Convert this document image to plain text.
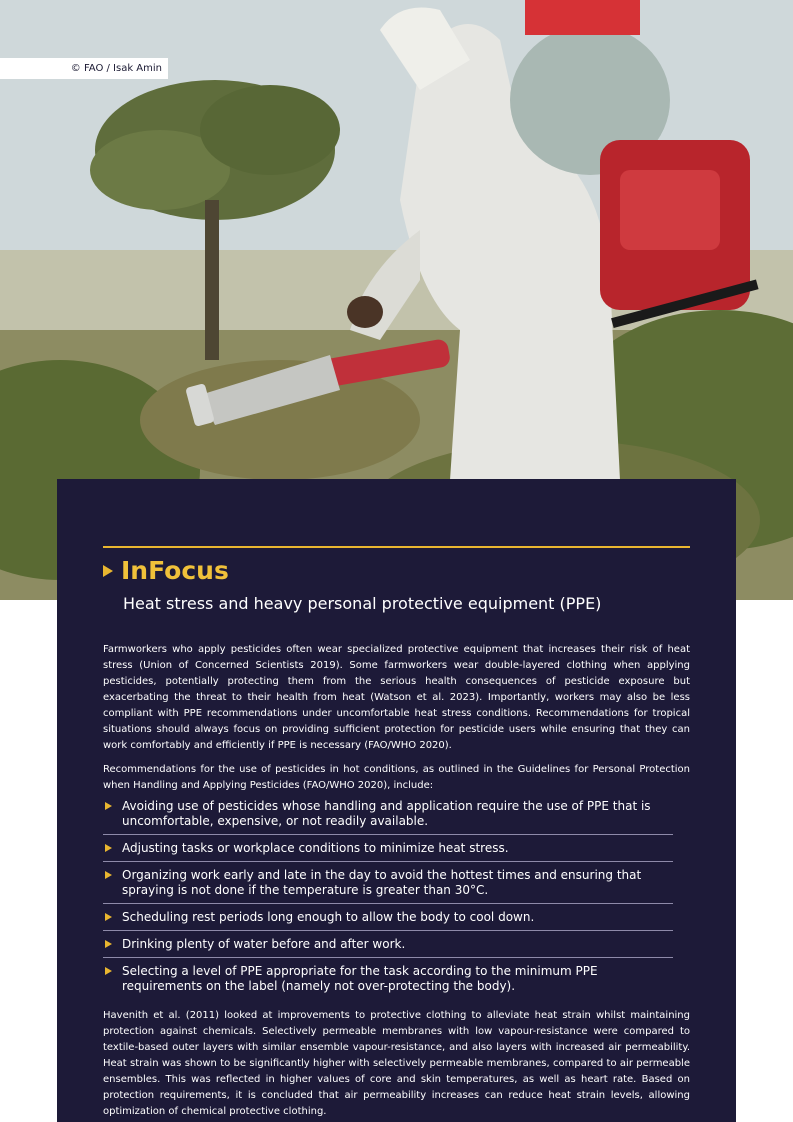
© FAO / Isak Amin
InFocus
Heat stress and heavy personal protective equipment (PPE)
Farmworkers who apply pesticides often wear specialized protective equipment that increases their risk of heat stress (Union of Concerned Scientists 2019). Some farmworkers wear double-layered clothing when applying pesticides, potentially protecting them from the serious health consequences of pesticide exposure but exacerbating the threat to their health from heat (Watson et al. 2023). Importantly, workers may also be less compliant with PPE recommendations under uncomfortable heat stress conditions. Recommendations for tropical situations should always focus on providing sufficient protection for pesticide users while ensuring that they can work comfortably and efficiently if PPE is necessary (FAO/WHO 2020).
Recommendations for the use of pesticides in hot conditions, as outlined in the Guidelines for Personal Protection when Handling and Applying Pesticides (FAO/WHO 2020), include:
Avoiding use of pesticides whose handling and application require the use of PPE that is uncomfortable, expensive, or not readily available.
Adjusting tasks or workplace conditions to minimize heat stress.
Organizing work early and late in the day to avoid the hottest times and ensuring that spraying is not done if the temperature is greater than 30°C.
Scheduling rest periods long enough to allow the body to cool down.
Drinking plenty of water before and after work.
Selecting a level of PPE appropriate for the task according to the minimum PPE requirements on the label (namely not over-protecting the body).
Havenith et al. (2011) looked at improvements to protective clothing to alleviate heat strain whilst maintaining protection against chemicals. Selectively permeable membranes with low vapour-resistance were compared to textile-based outer layers with similar ensemble vapour-resistance, and also layers with increased air permeability. Heat strain was shown to be significantly higher with selectively permeable membranes, compared to air permeable ensembles. This was reflected in higher values of core and skin temperatures, as well as heart rate. Based on protection requirements, it is concluded that air permeability increases can reduce heat strain levels, allowing optimization of chemical protective clothing.
